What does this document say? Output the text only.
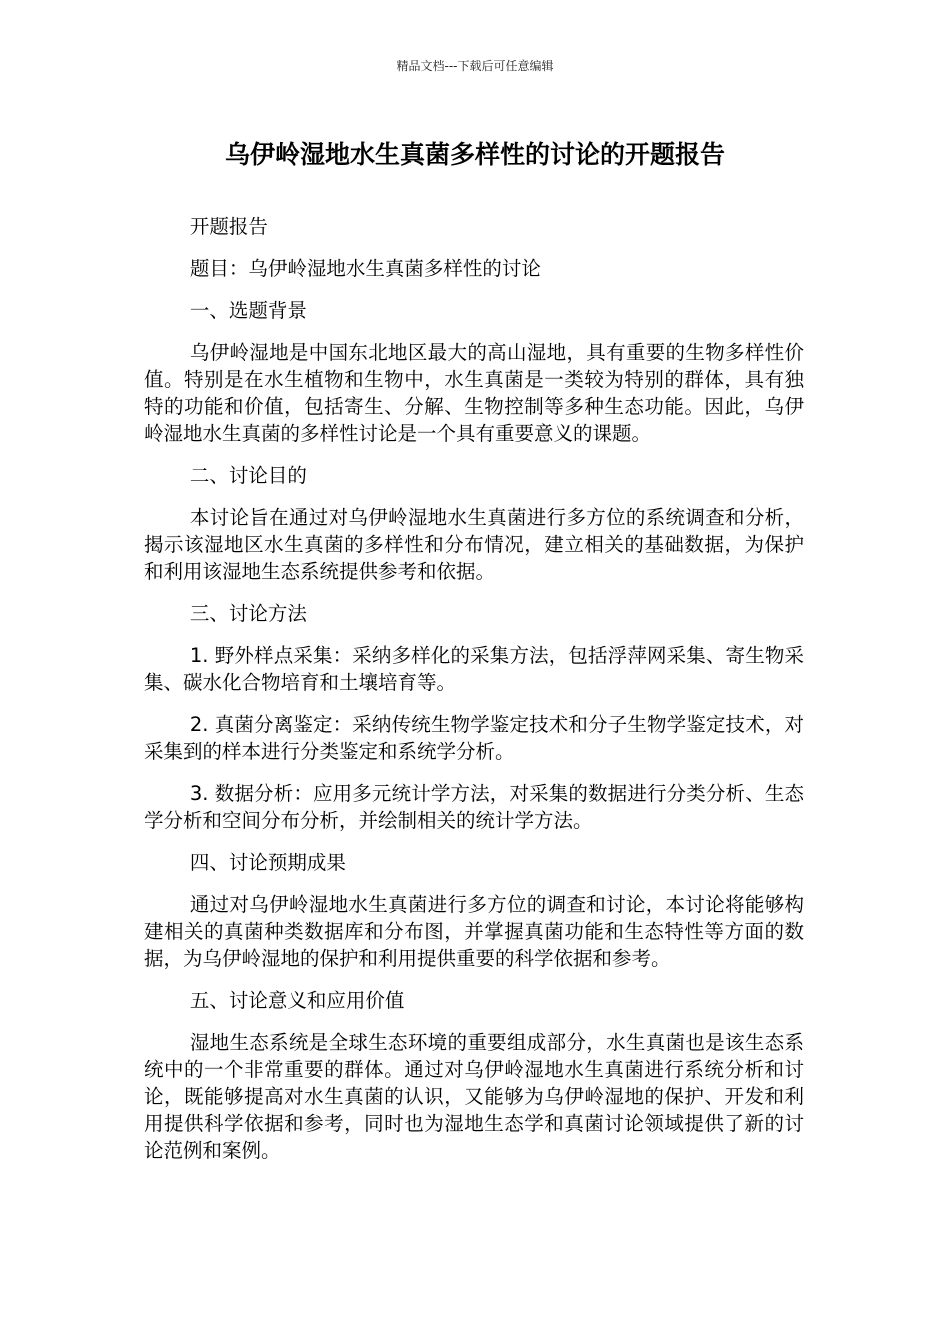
精品文档---下载后可任意编辑
乌伊岭湿地水生真菌多样性的讨论的开题报告

开题报告

题目：乌伊岭湿地水生真菌多样性的讨论

一、选题背景

乌伊岭湿地是中国东北地区最大的高山湿地，具有重要的生物多样性价值。特别是在水生植物和生物中，水生真菌是一类较为特别的群体，具有独特的功能和价值，包括寄生、分解、生物控制等多种生态功能。因此，乌伊岭湿地水生真菌的多样性讨论是一个具有重要意义的课题。

二、讨论目的

本讨论旨在通过对乌伊岭湿地水生真菌进行多方位的系统调查和分析，揭示该湿地区水生真菌的多样性和分布情况，建立相关的基础数据，为保护和利用该湿地生态系统提供参考和依据。

三、讨论方法

1. 野外样点采集：采纳多样化的采集方法，包括浮萍网采集、寄生物采集、碳水化合物培育和土壤培育等。

2. 真菌分离鉴定：采纳传统生物学鉴定技术和分子生物学鉴定技术，对采集到的样本进行分类鉴定和系统学分析。

3. 数据分析：应用多元统计学方法，对采集的数据进行分类分析、生态学分析和空间分布分析，并绘制相关的统计学方法。

四、讨论预期成果

通过对乌伊岭湿地水生真菌进行多方位的调查和讨论，本讨论将能够构建相关的真菌种类数据库和分布图，并掌握真菌功能和生态特性等方面的数据，为乌伊岭湿地的保护和利用提供重要的科学依据和参考。

五、讨论意义和应用价值

湿地生态系统是全球生态环境的重要组成部分，水生真菌也是该生态系统中的一个非常重要的群体。通过对乌伊岭湿地水生真菌进行系统分析和讨论，既能够提高对水生真菌的认识，又能够为乌伊岭湿地的保护、开发和利用提供科学依据和参考，同时也为湿地生态学和真菌讨论领域提供了新的讨论范例和案例。
